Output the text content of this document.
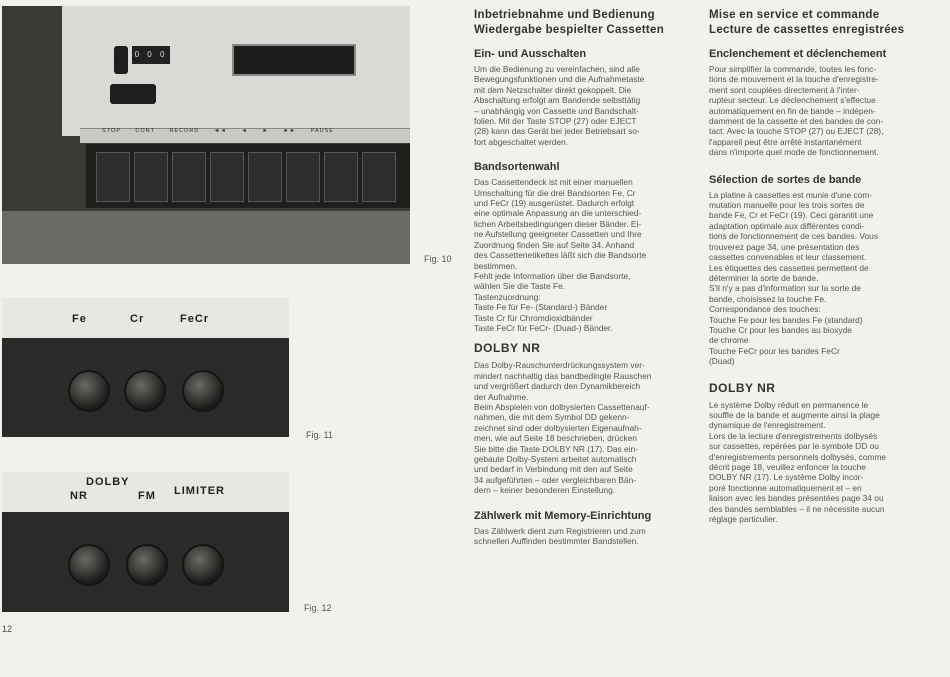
0 0 0
STOP	CONT	RECORD	◄◄	◄	►	►►	PAUSE
Fig. 10
Fe	Cr	FeCr
Fig. 11
DOLBY
NR	FM LIMITER
Fig. 12
12
Inbetriebnahme und Bedienung
Wiedergabe bespielter Cassetten
Ein- und Ausschalten

Um die Bedienung zu vereinfachen, sind alle
Bewegungsfunktionen und die Aufnahmetaste
mit dem Netzschalter direkt gekoppelt. Die
Abschaltung erfolgt am Bandende selbsttätig
– unabhängig von Cassette und Bandschalt-
folien. Mit der Taste STOP (27) oder EJECT
(28) kann das Gerät bei jeder Betriebsart so-
fort abgeschaltet werden.

Bandsortenwahl

Das Cassettendeck ist mit einer manuellen
Umschaltung für die drei Bandsorten Fe, Cr
und FeCr (19) ausgerüstet. Dadurch erfolgt
eine optimale Anpassung an die unterschied-
lichen Arbeitsbedingungen dieser Bänder. Ei-
ne Aufstellung geeigneter Cassetten und Ihre
Zuordnung finden Sie auf Seite 34. Anhand
des Cassettenetikettes läßt sich die Bandsorte
bestimmen.
Fehlt jede Information über die Bandsorte,
wählen Sie die Taste Fe.
Tastenzuordnung:
Taste Fe für Fe- (Standard-) Bänder
Taste Cr für Chromdioxidbänder
Taste FeCr für FeCr- (Duad-) Bänder.

DOLBY NR

Das Dolby-Rauschunterdrückungssystem ver-
mindert nachhaltig das bandbedingte Rauschen
und vergrößert dadurch den Dynamikbereich
der Aufnahme.
Beim Abspielen von dolbysierten Cassettenauf-
nahmen, die mit dem Symbol DD gekenn-
zeichnet sind oder dolbysierten Eigenaufnah-
men, wie auf Seite 18 beschrieben, drücken
Sie bitte die Taste DOLBY NR (17). Das ein-
gebaute Dolby-System arbeitet automatisch
und bedarf in Verbindung mit den auf Seite
34 aufgeführten – oder vergleichbaren Bän-
dern – keiner besonderen Einstellung.

Zählwerk mit Memory-Einrichtung

Das Zählwerk dient zum Registrieren und zum
schnellen Auffinden bestimmter Bandstellen.

Mise en service et commande
Lecture de cassettes enregistrées
Enclenchement et déclenchement

Pour simplifier la commande, toutes les fonc-
tions de mouvement et la touche d'enregistre-
ment sont couplées directement à l'inter-
rupteur secteur. Le déclenchement s'effectue
automatiquement en fin de bande – indépen-
damment de la cassette et des bandes de con-
tact. Avec la touche STOP (27) ou EJECT (28),
l'appareil peut être arrêté instantanément
dans n'importe quel mode de fonctionnement.

Sélection de sortes de bande

La platine à cassettes est munie d'une com-
mutation manuelle pour les trois sortes de
bande Fe, Cr et FeCr (19). Ceci garantit une
adaptation optimale aux différentes condi-
tions de fonctionnement de ces bandes. Vous
trouverez page 34, une présentation des
cassettes convenables et leur classement.
Les étiquettes des cassettes permettent de
déterminer la sorte de bande.
S'il n'y a pas d'information sur la sorte de
bande, choisissez la touche Fe.
Correspondance des touches:
Touche Fe pour les bandes Fe (standard)
Touche Cr pour les bandes au bioxyde
de chrome
Touche FeCr pour les bandes FeCr
(Duad)

DOLBY NR

Le système Dolby réduit en permanence le
souffle de la bande et augmente ainsi la plage
dynamique de l'enregistrement.
Lors de la lecture d'enregistrements dolbysés
sur cassettes, repérées par le symbole DD ou
d'enregistrements personnels dolbysés, comme
décrit page 18, veuillez enfoncer la touche
DOLBY NR (17). Le système Dolby incor-
poré fonctionne automatiquement et – en
liaison avec les bandes présentées page 34 ou
des bandes semblables – il ne nécessite aucun
réglage particulier.
